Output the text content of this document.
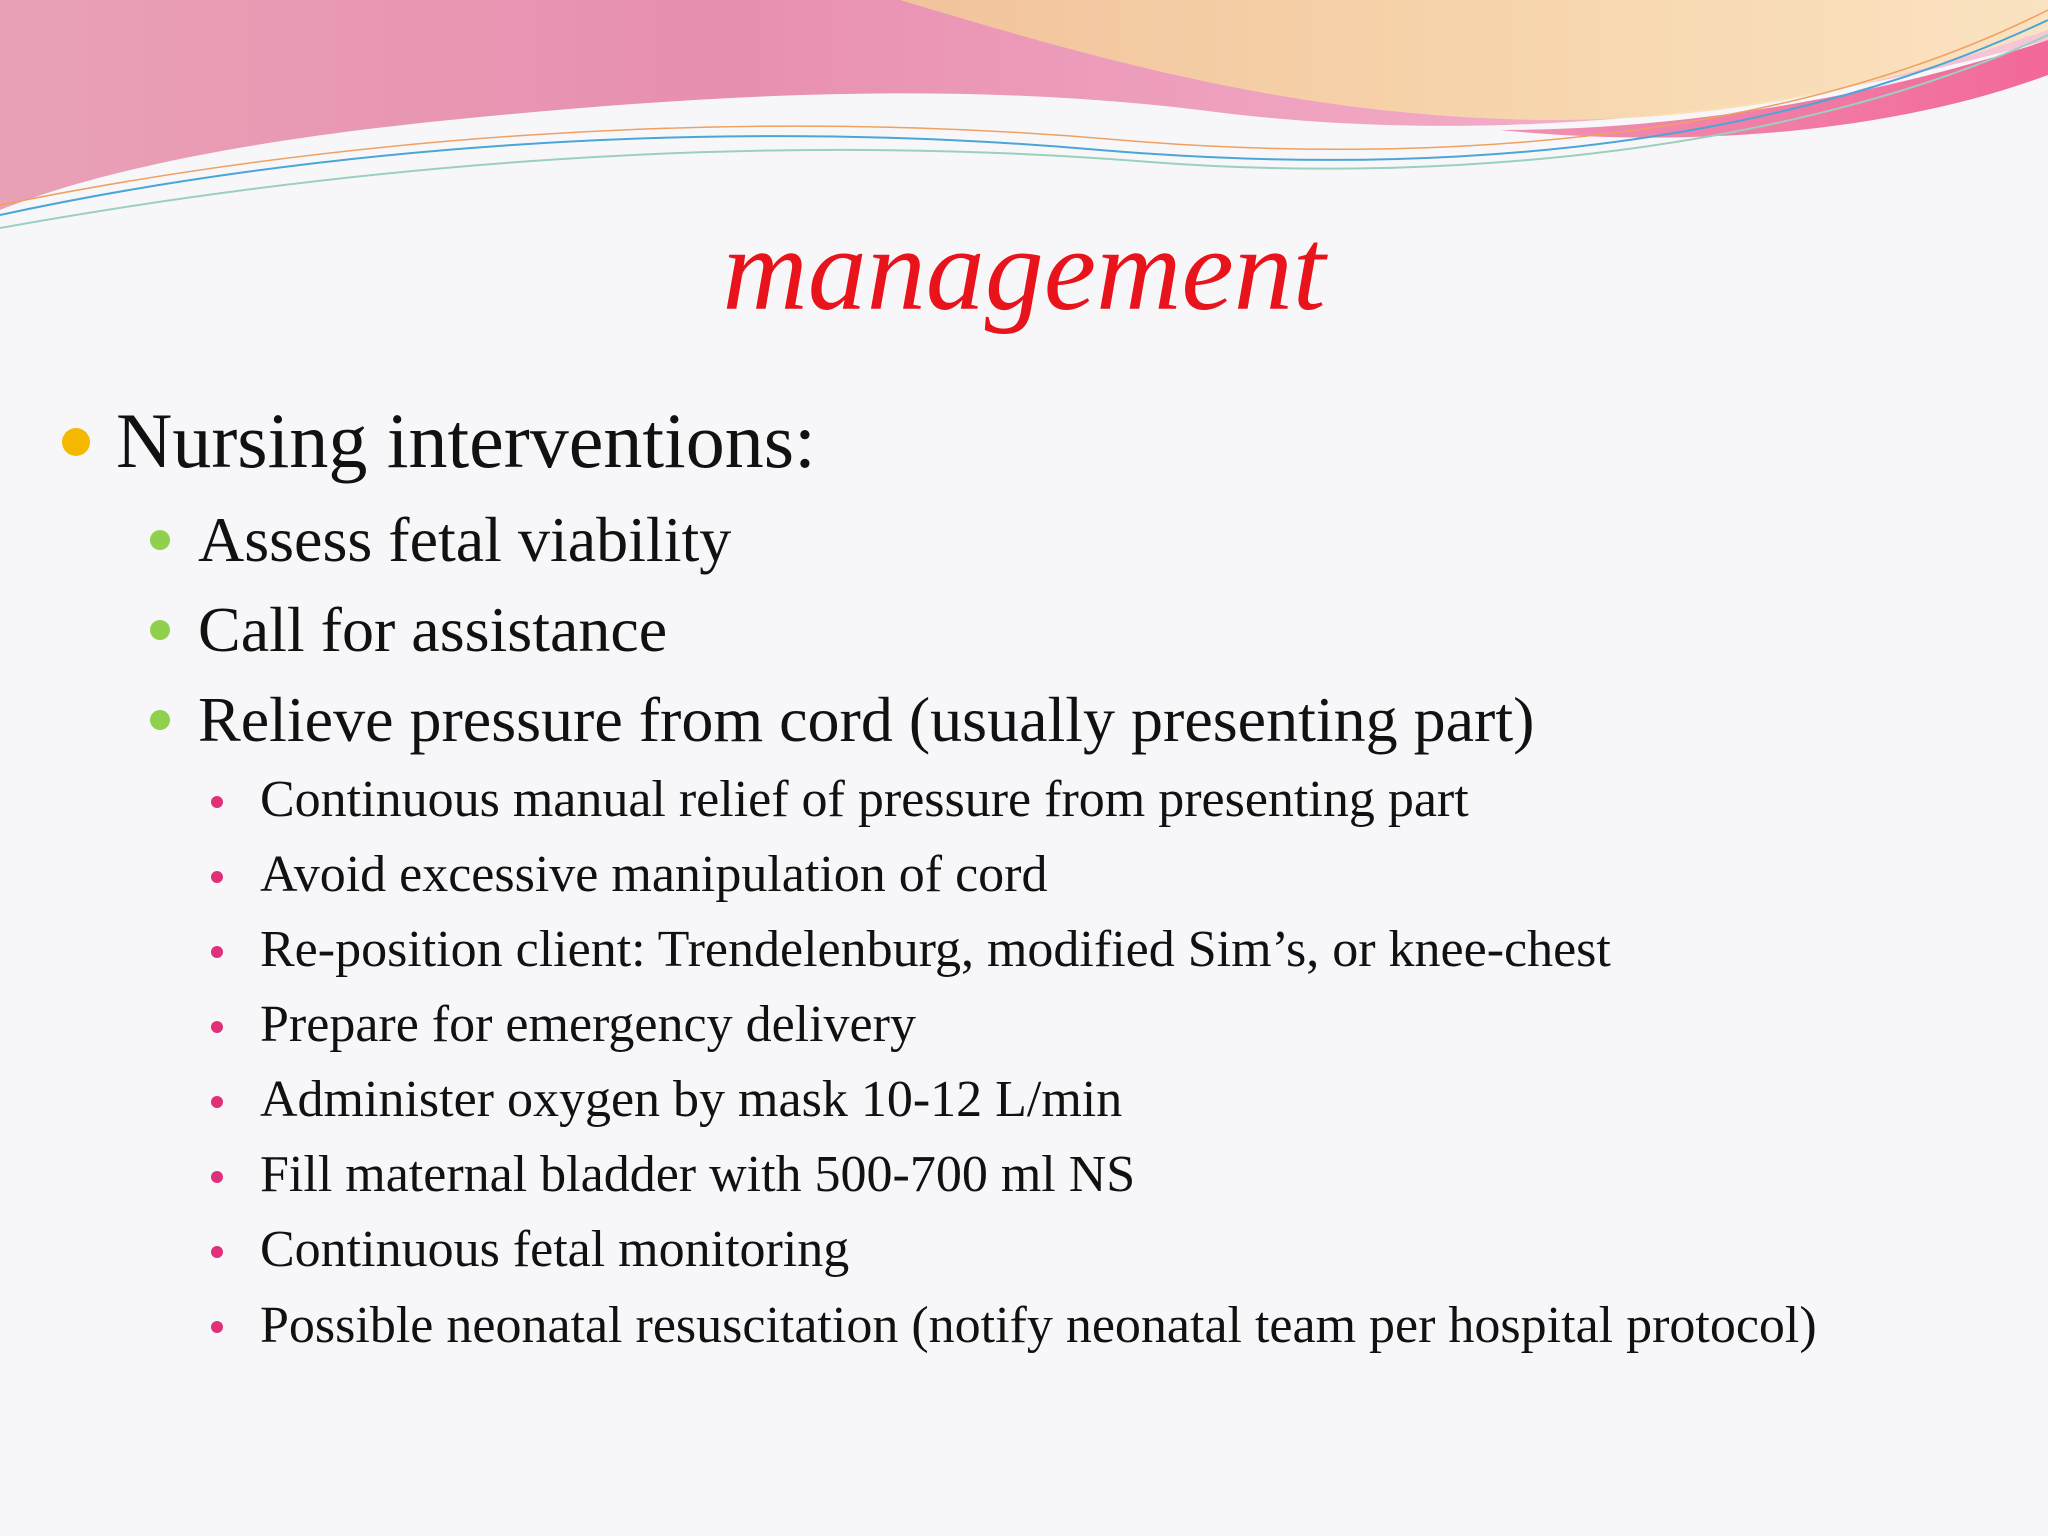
management
Nursing interventions:
Assess fetal viability
Call for assistance
Relieve pressure from cord (usually presenting part)
Continuous manual relief of pressure from presenting part
Avoid excessive manipulation of cord
Re-position client: Trendelenburg, modified Sim’s, or knee-chest
Prepare for emergency delivery
Administer oxygen by mask 10-12 L/min
Fill maternal bladder with 500-700 ml NS
Continuous fetal monitoring
Possible neonatal resuscitation (notify neonatal team per hospital protocol)
